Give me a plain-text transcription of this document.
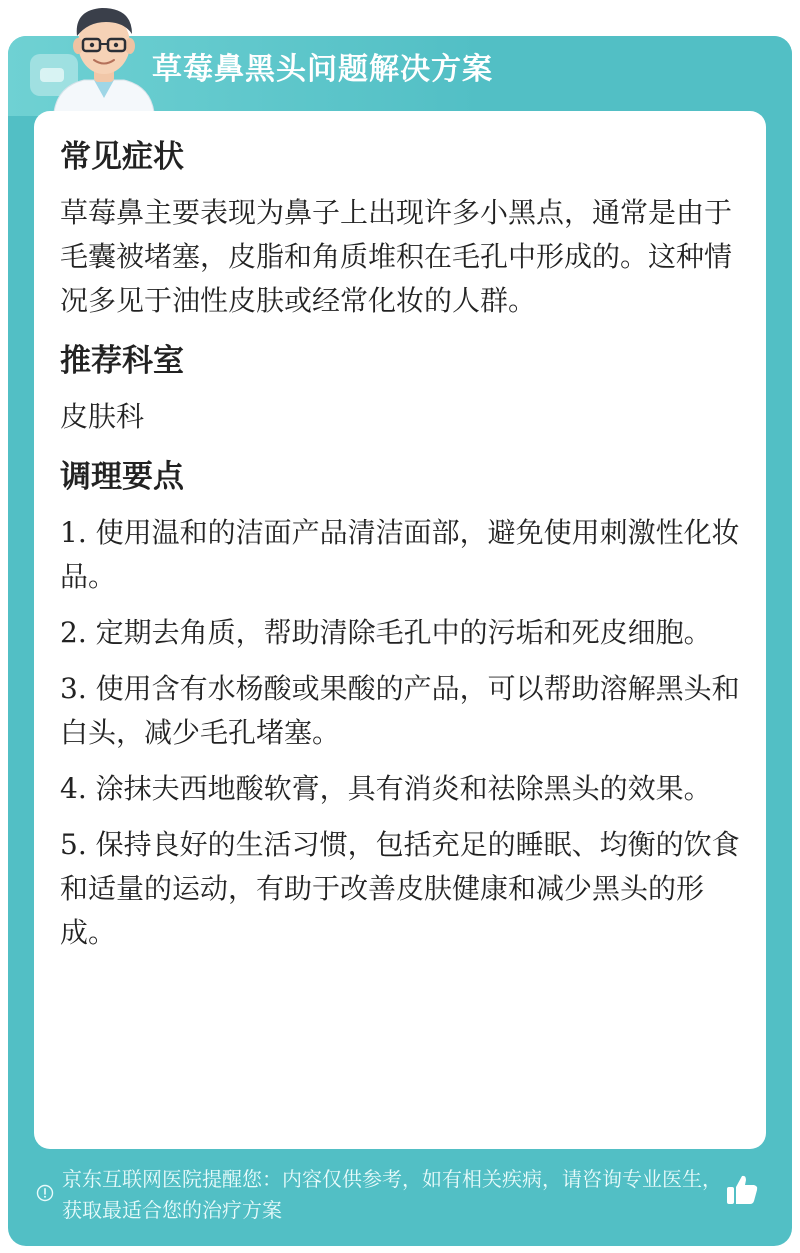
草莓鼻黑头问题解决方案
常见症状

草莓鼻主要表现为鼻子上出现许多小黑点，通常是由于毛囊被堵塞，皮脂和角质堆积在毛孔中形成的。这种情况多见于油性皮肤或经常化妆的人群。

推荐科室

皮肤科

调理要点
1. 使用温和的洁面产品清洁面部，避免使用刺激性化妆品。
2. 定期去角质，帮助清除毛孔中的污垢和死皮细胞。
3. 使用含有水杨酸或果酸的产品，可以帮助溶解黑头和白头，减少毛孔堵塞。
4. 涂抹夫西地酸软膏，具有消炎和祛除黑头的效果。
5. 保持良好的生活习惯，包括充足的睡眠、均衡的饮食和适量的运动，有助于改善皮肤健康和减少黑头的形成。

京东互联网医院提醒您：内容仅供参考，如有相关疾病，请咨询专业医生，获取最适合您的治疗方案
